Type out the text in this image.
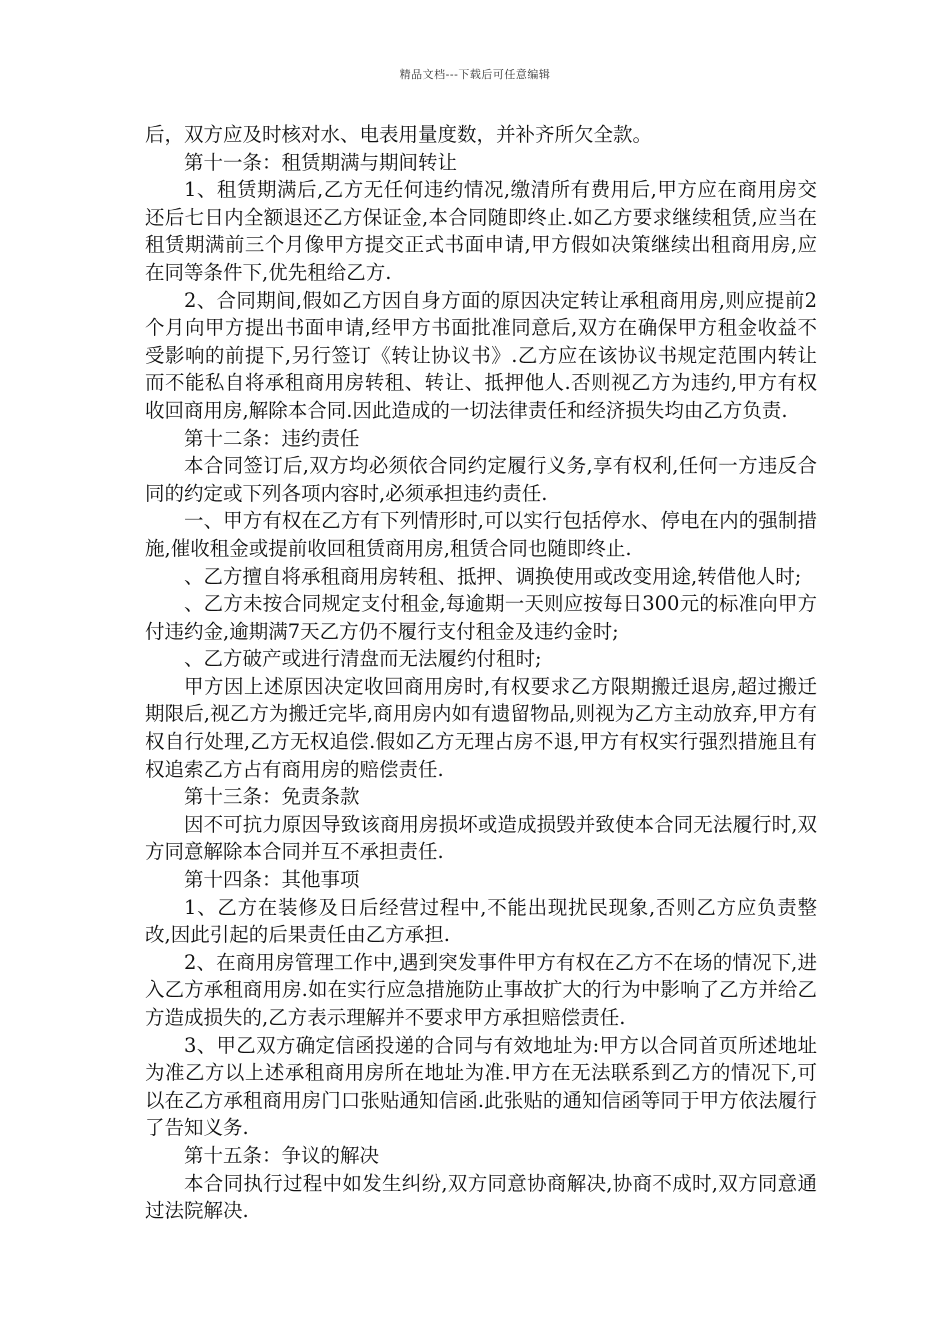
精品文档---下载后可任意编辑

后，双方应及时核对水、电表用量度数，并补齐所欠全款。

第十一条：租赁期满与期间转让

1、租赁期满后,乙方无任何违约情况,缴清所有费用后,甲方应在商用房交还后七日内全额退还乙方保证金,本合同随即终止.如乙方要求继续租赁,应当在租赁期满前三个月像甲方提交正式书面申请,甲方假如决策继续出租商用房,应在同等条件下,优先租给乙方.

2、合同期间,假如乙方因自身方面的原因决定转让承租商用房,则应提前2个月向甲方提出书面申请,经甲方书面批准同意后,双方在确保甲方租金收益不受影响的前提下,另行签订《转让协议书》.乙方应在该协议书规定范围内转让而不能私自将承租商用房转租、转让、抵押他人.否则视乙方为违约,甲方有权收回商用房,解除本合同.因此造成的一切法律责任和经济损失均由乙方负责.

第十二条：违约责任

本合同签订后,双方均必须依合同约定履行义务,享有权利,任何一方违反合同的约定或下列各项内容时,必须承担违约责任.

一、甲方有权在乙方有下列情形时,可以实行包括停水、停电在内的强制措施,催收租金或提前收回租赁商用房,租赁合同也随即终止.

、乙方擅自将承租商用房转租、抵押、调换使用或改变用途,转借他人时;

、乙方未按合同规定支付租金,每逾期一天则应按每日300元的标准向甲方付违约金,逾期满7天乙方仍不履行支付租金及违约金时;

、乙方破产或进行清盘而无法履约付租时;

甲方因上述原因决定收回商用房时,有权要求乙方限期搬迁退房,超过搬迁期限后,视乙方为搬迁完毕,商用房内如有遗留物品,则视为乙方主动放弃,甲方有权自行处理,乙方无权追偿.假如乙方无理占房不退,甲方有权实行强烈措施且有权追索乙方占有商用房的赔偿责任.

第十三条：免责条款

因不可抗力原因导致该商用房损坏或造成损毁并致使本合同无法履行时,双方同意解除本合同并互不承担责任.

第十四条：其他事项

1、乙方在装修及日后经营过程中,不能出现扰民现象,否则乙方应负责整改,因此引起的后果责任由乙方承担.

2、在商用房管理工作中,遇到突发事件甲方有权在乙方不在场的情况下,进入乙方承租商用房.如在实行应急措施防止事故扩大的行为中影响了乙方并给乙方造成损失的,乙方表示理解并不要求甲方承担赔偿责任.

3、甲乙双方确定信函投递的合同与有效地址为:甲方以合同首页所述地址为准乙方以上述承租商用房所在地址为准.甲方在无法联系到乙方的情况下,可以在乙方承租商用房门口张贴通知信函.此张贴的通知信函等同于甲方依法履行了告知义务.

第十五条：争议的解决

本合同执行过程中如发生纠纷,双方同意协商解决,协商不成时,双方同意通过法院解决.
